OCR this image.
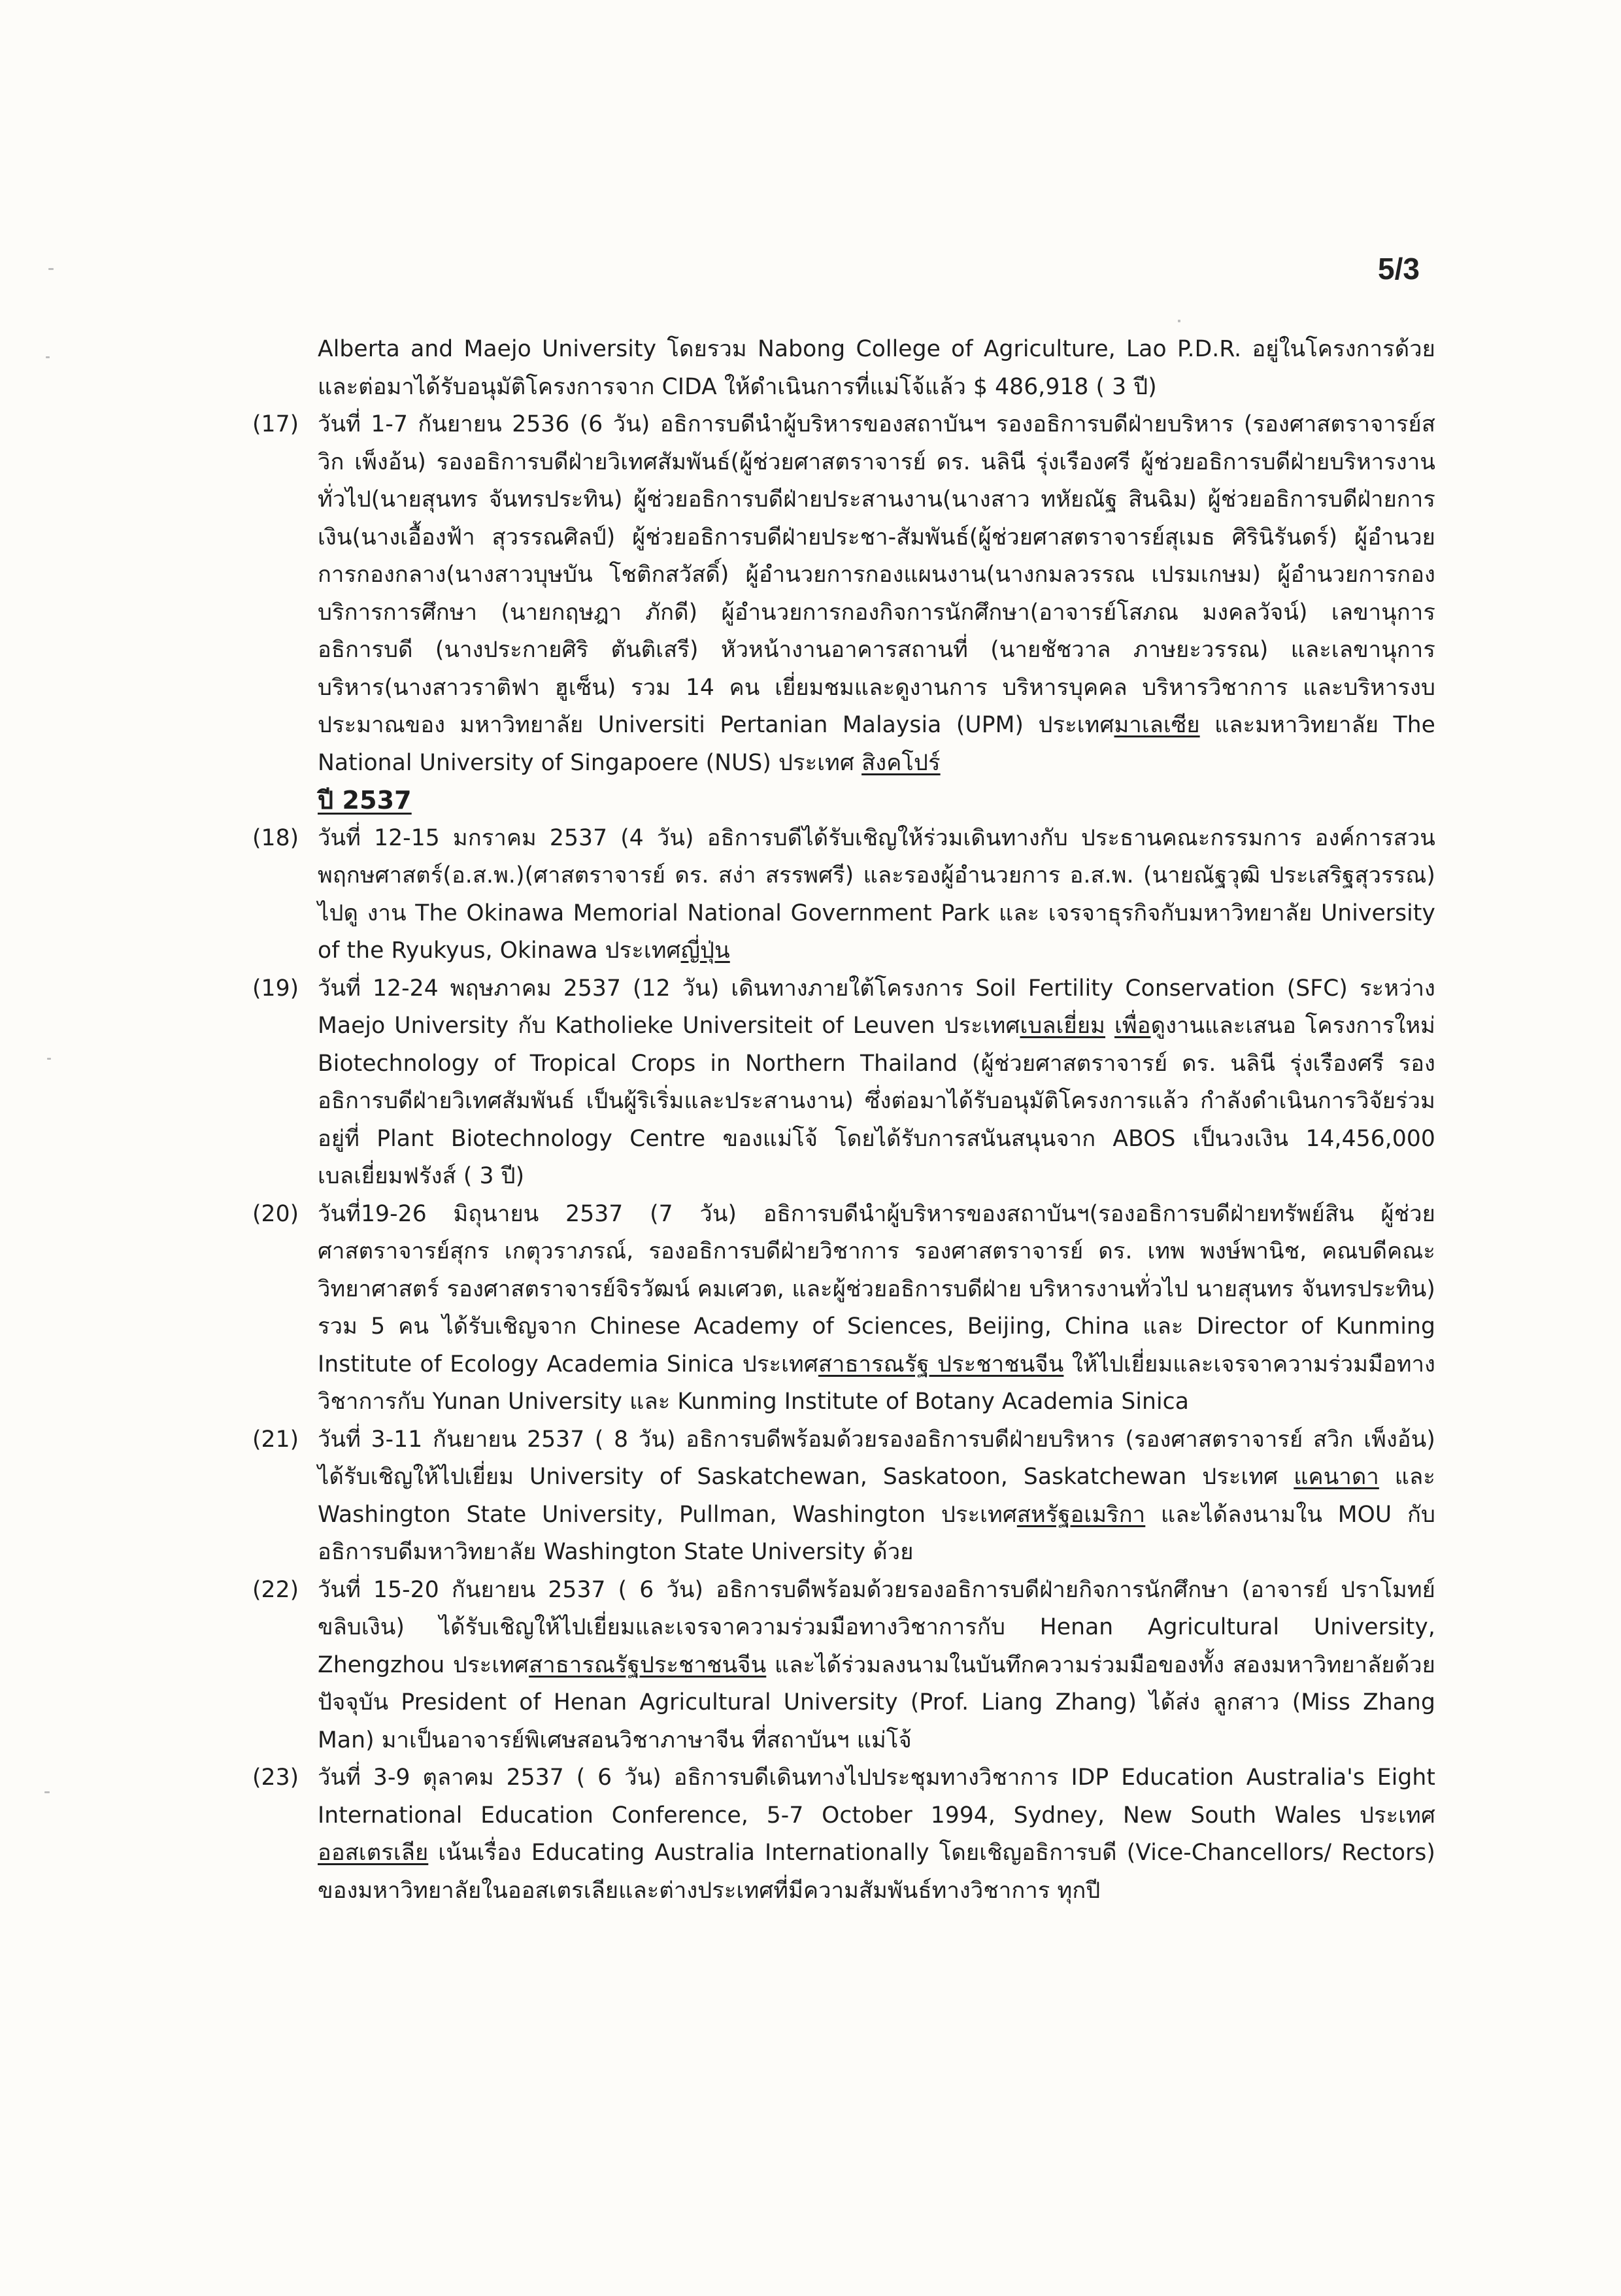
5/3
Alberta and Maejo University โดยรวม Nabong College of Agriculture, Lao P.D.R. อยู่ในโครงการด้วย และต่อมาได้รับอนุมัติโครงการจาก CIDA ให้ดำเนินการที่แม่โจ้แล้ว $ 486,918 ( 3 ปี)
(17) วันที่ 1-7 กันยายน 2536 (6 วัน) อธิการบดีนำผู้บริหารของสถาบันฯ รองอธิการบดีฝ่ายบริหาร (รองศาสตราจารย์สวิก เพ็งอ้น) รองอธิการบดีฝ่ายวิเทศสัมพันธ์(ผู้ช่วยศาสตราจารย์ ดร. นลินี รุ่งเรืองศรี ผู้ช่วยอธิการบดีฝ่ายบริหารงานทั่วไป(นายสุนทร จันทรประทิน) ผู้ช่วยอธิการบดีฝ่ายประสานงาน(นางสาว ทหัยณัฐ สินฉิม) ผู้ช่วยอธิการบดีฝ่ายการเงิน(นางเอื้องฟ้า สุวรรณศิลป์) ผู้ช่วยอธิการบดีฝ่ายประชา-สัมพันธ์(ผู้ช่วยศาสตราจารย์สุเมธ ศิรินิรันดร์) ผู้อำนวยการกองกลาง(นางสาวบุษบัน โชติกสวัสดิ์) ผู้อำนวยการกองแผนงาน(นางกมลวรรณ เปรมเกษม) ผู้อำนวยการกองบริการการศึกษา (นายกฤษฎา ภักดี) ผู้อำนวยการกองกิจการนักศึกษา(อาจารย์โสภณ มงคลวัจน์) เลขานุการอธิการบดี (นางประกายศิริ ตันติเสรี) หัวหน้างานอาคารสถานที่ (นายชัชวาล ภาษยะวรรณ) และเลขานุการบริหาร(นางสาวราติฟา ฮูเซ็น) รวม 14 คน เยี่ยมชมและดูงานการ บริหารบุคคล บริหารวิชาการ และบริหารงบประมาณของ มหาวิทยาลัย Universiti Pertanian Malaysia (UPM) ประเทศมาเลเซีย และมหาวิทยาลัย The National University of Singapoere (NUS) ประเทศ สิงคโปร์
ปี 2537
(18) วันที่ 12-15 มกราคม 2537 (4 วัน) อธิการบดีได้รับเชิญให้ร่วมเดินทางกับ ประธานคณะกรรมการ องค์การสวนพฤกษศาสตร์(อ.ส.พ.)(ศาสตราจารย์ ดร. สง่า สรรพศรี) และรองผู้อำนวยการ อ.ส.พ. (นายณัฐวุฒิ ประเสริฐสุวรรณ) ไปดู งาน The Okinawa Memorial National Government Park และ เจรจาธุรกิจกับมหาวิทยาลัย University of the Ryukyus, Okinawa ประเทศญี่ปุ่น
(19) วันที่ 12-24 พฤษภาคม 2537 (12 วัน) เดินทางภายใต้โครงการ Soil Fertility Conservation (SFC) ระหว่าง Maejo University กับ Katholieke Universiteit of Leuven ประเทศเบลเยี่ยม เพื่อดูงานและเสนอ โครงการใหม่ Biotechnology of Tropical Crops in Northern Thailand (ผู้ช่วยศาสตราจารย์ ดร. นลินี รุ่งเรืองศรี รองอธิการบดีฝ่ายวิเทศสัมพันธ์ เป็นผู้ริเริ่มและประสานงาน) ซึ่งต่อมาได้รับอนุมัติโครงการแล้ว กำลังดำเนินการวิจัยร่วมอยู่ที่ Plant Biotechnology Centre ของแม่โจ้ โดยได้รับการสนันสนุนจาก ABOS เป็นวงเงิน 14,456,000 เบลเยี่ยมฟรังส์ ( 3 ปี)
(20) วันที่19-26 มิถุนายน 2537 (7 วัน) อธิการบดีนำผู้บริหารของสถาบันฯ(รองอธิการบดีฝ่ายทรัพย์สิน ผู้ช่วยศาสตราจารย์สุกร เกตุวราภรณ์, รองอธิการบดีฝ่ายวิชาการ รองศาสตราจารย์ ดร. เทพ พงษ์พานิช, คณบดีคณะวิทยาศาสตร์ รองศาสตราจารย์จิรวัฒน์ คมเศวต, และผู้ช่วยอธิการบดีฝ่าย บริหารงานทั่วไป นายสุนทร จันทรประทิน) รวม 5 คน ได้รับเชิญจาก Chinese Academy of Sciences, Beijing, China และ Director of Kunming Institute of Ecology Academia Sinica ประเทศสาธารณรัฐ ประชาชนจีน ให้ไปเยี่ยมและเจรจาความร่วมมือทางวิชาการกับ Yunan University และ Kunming Institute of Botany Academia Sinica
(21) วันที่ 3-11 กันยายน 2537 ( 8 วัน) อธิการบดีพร้อมด้วยรองอธิการบดีฝ่ายบริหาร (รองศาสตราจารย์ สวิก เพ็งอ้น) ได้รับเชิญให้ไปเยี่ยม University of Saskatchewan, Saskatoon, Saskatchewan ประเทศ แคนาดา และ Washington State University, Pullman, Washington ประเทศสหรัฐอเมริกา และได้ลงนามใน MOU กับอธิการบดีมหาวิทยาลัย Washington State University ด้วย
(22) วันที่ 15-20 กันยายน 2537 ( 6 วัน) อธิการบดีพร้อมด้วยรองอธิการบดีฝ่ายกิจการนักศึกษา (อาจารย์ ปราโมทย์ ขลิบเงิน) ได้รับเชิญให้ไปเยี่ยมและเจรจาความร่วมมือทางวิชาการกับ Henan Agricultural University, Zhengzhou ประเทศสาธารณรัฐประชาชนจีน และได้ร่วมลงนามในบันทึกความร่วมมือของทั้ง สองมหาวิทยาลัยด้วย ปัจจุบัน President of Henan Agricultural University (Prof. Liang Zhang) ได้ส่ง ลูกสาว (Miss Zhang Man) มาเป็นอาจารย์พิเศษสอนวิชาภาษาจีน ที่สถาบันฯ แม่โจ้
(23) วันที่ 3-9 ตุลาคม 2537 ( 6 วัน) อธิการบดีเดินทางไปประชุมทางวิชาการ IDP Education Australia's Eight International Education Conference, 5-7 October 1994, Sydney, New South Wales ประเทศ ออสเตรเลีย เน้นเรื่อง Educating Australia Internationally โดยเชิญอธิการบดี (Vice-Chancellors/ Rectors) ของมหาวิทยาลัยในออสเตรเลียและต่างประเทศที่มีความสัมพันธ์ทางวิชาการ ทุกปี
